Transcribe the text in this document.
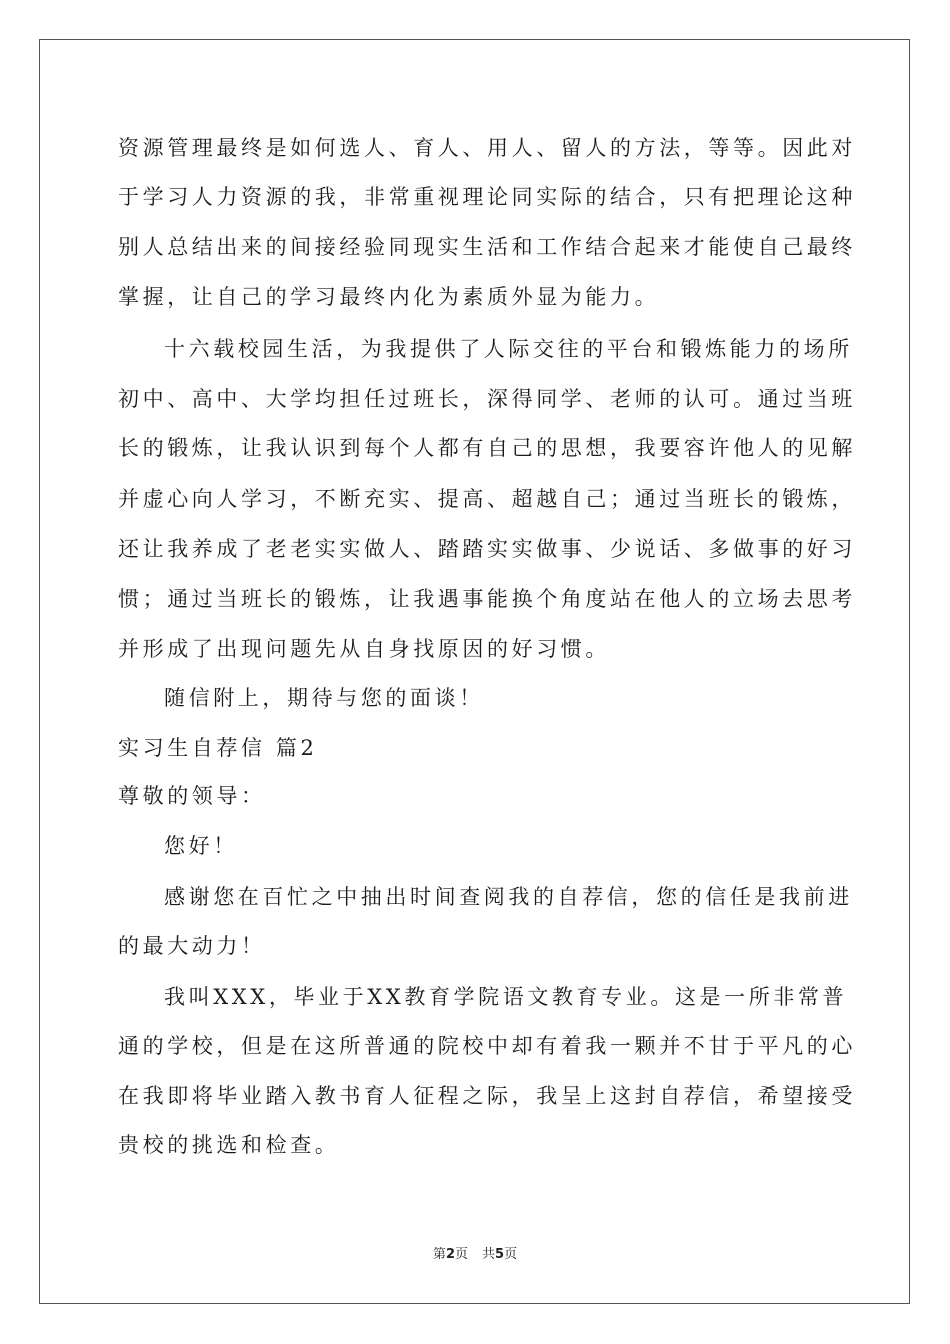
资源管理最终是如何选人、育人、用人、留人的方法，等等。因此对
于学习人力资源的我，非常重视理论同实际的结合，只有把理论这种
别人总结出来的间接经验同现实生活和工作结合起来才能使自己最终
掌握，让自己的学习最终内化为素质外显为能力。
十六载校园生活，为我提供了人际交往的平台和锻炼能力的场所
初中、高中、大学均担任过班长，深得同学、老师的认可。通过当班
长的锻炼，让我认识到每个人都有自己的思想，我要容许他人的见解
并虚心向人学习，不断充实、提高、超越自己；通过当班长的锻炼，
还让我养成了老老实实做人、踏踏实实做事、少说话、多做事的好习
惯；通过当班长的锻炼，让我遇事能换个角度站在他人的立场去思考
并形成了出现问题先从自身找原因的好习惯。
随信附上，期待与您的面谈！
实习生自荐信 篇2
尊敬的领导：
您好！
感谢您在百忙之中抽出时间查阅我的自荐信，您的信任是我前进
的最大动力！
我叫XXX，毕业于XX教育学院语文教育专业。这是一所非常普
通的学校，但是在这所普通的院校中却有着我一颗并不甘于平凡的心
在我即将毕业踏入教书育人征程之际，我呈上这封自荐信，希望接受
贵校的挑选和检查。
第2页 共5页
